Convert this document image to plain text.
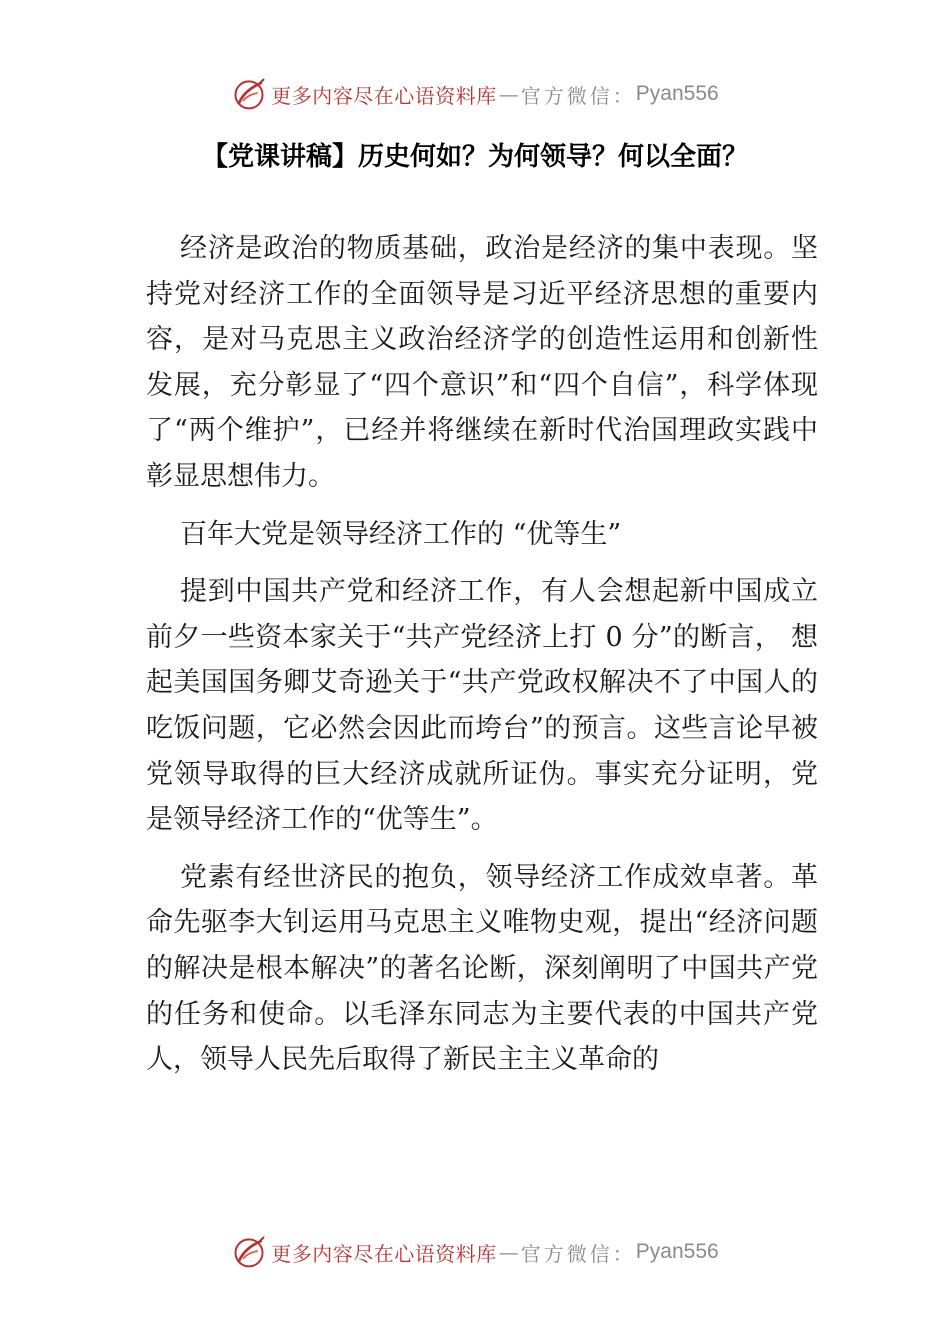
更多内容尽在心语资料库 — 官方微信： Pyan556
【党课讲稿】历史何如？为何领导？何以全面？

经济是政治的物质基础，政治是经济的集中表现。坚持党对经济工作的全面领导是习近平经济思想的重要内容，是对马克思主义政治经济学的创造性运用和创新性发展，充分彰显了“四个意识”和“四个自信”，科学体现了“两个维护”，已经并将继续在新时代治国理政实践中彰显思想伟力。

百年大党是领导经济工作的 “优等生”

提到中国共产党和经济工作，有人会想起新中国成立前夕一些资本家关于“共产党经济上打 0 分”的断言， 想起美国国务卿艾奇逊关于“共产党政权解决不了中国人的吃饭问题，它必然会因此而垮台”的预言。这些言论早被党领导取得的巨大经济成就所证伪。事实充分证明，党是领导经济工作的“优等生”。

党素有经世济民的抱负，领导经济工作成效卓著。革命先驱李大钊运用马克思主义唯物史观，提出“经济问题的解决是根本解决”的著名论断，深刻阐明了中国共产党的任务和使命。以毛泽东同志为主要代表的中国共产党人，领导人民先后取得了新民主主义革命的

更多内容尽在心语资料库 — 官方微信： Pyan556
